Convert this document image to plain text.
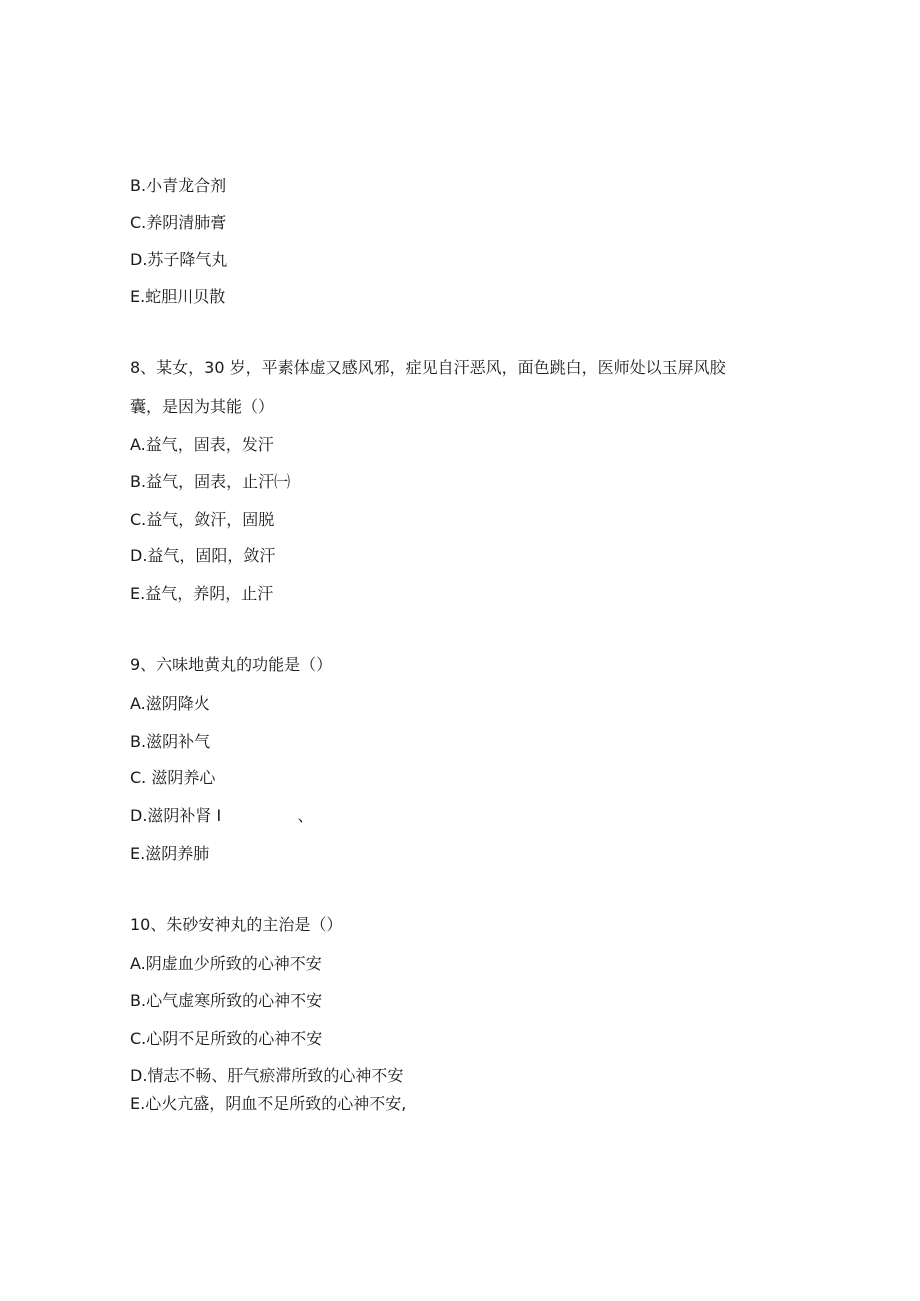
B.小青龙合剂
C.养阴清肺膏
D.苏子降气丸
E.蛇胆川贝散
8、某女，30 岁，平素体虚又感风邪，症见自汗恶风，面色跳白，医师处以玉屏风胶
囊，是因为其能（）
A.益气，固表，发汗
B.益气，固表，止汗㈠
C.益气，敛汗，固脱
D.益气，固阳，敛汗
E.益气，养阴，止汗
9、六味地黄丸的功能是（）
A.滋阴降火
B.滋阴补气
C. 滋阴养心
D.滋阴补肾 I               、
E.滋阴养肺
10、朱砂安神丸的主治是（）
A.阴虚血少所致的心神不安
B.心气虚寒所致的心神不安
C.心阴不足所致的心神不安
D.情志不畅、肝气瘀滞所致的心神不安
E.心火亢盛，阴血不足所致的心神不安,
